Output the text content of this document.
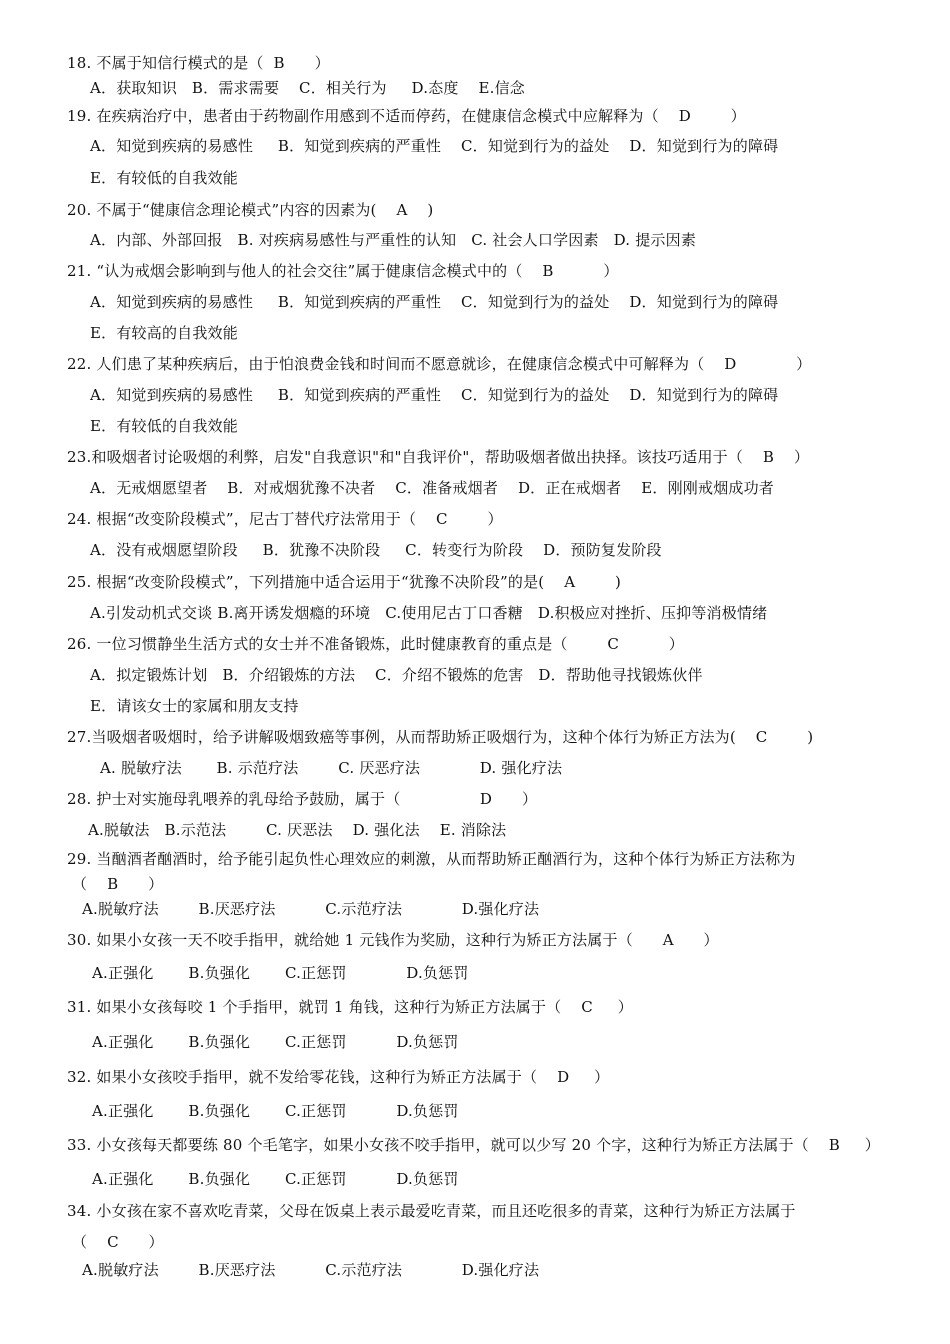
18. 不属于知信行模式的是（  B      ）
A．获取知识   B．需求需要    C．相关行为     D.态度    E.信念
19. 在疾病治疗中，患者由于药物副作用感到不适而停药，在健康信念模式中应解释为（    D        ）
A．知觉到疾病的易感性     B．知觉到疾病的严重性    C．知觉到行为的益处    D．知觉到行为的障碍
E．有较低的自我效能
20. 不属于“健康信念理论模式”内容的因素为(    A    )
A．内部、外部回报   B. 对疾病易感性与严重性的认知   C. 社会人口学因素   D. 提示因素
21. “认为戒烟会影响到与他人的社会交往”属于健康信念模式中的（    B          ）
A．知觉到疾病的易感性     B．知觉到疾病的严重性    C．知觉到行为的益处    D．知觉到行为的障碍
E．有较高的自我效能
22. 人们患了某种疾病后，由于怕浪费金钱和时间而不愿意就诊，在健康信念模式中可解释为（    D            ）
A．知觉到疾病的易感性     B．知觉到疾病的严重性    C．知觉到行为的益处    D．知觉到行为的障碍
E．有较低的自我效能
23.和吸烟者讨论吸烟的利弊，启发"自我意识"和"自我评价"，帮助吸烟者做出抉择。该技巧适用于（    B    ）
A．无戒烟愿望者    B．对戒烟犹豫不决者    C．准备戒烟者    D．正在戒烟者    E．刚刚戒烟成功者
24. 根据“改变阶段模式”，尼古丁替代疗法常用于（    C        ）
A．没有戒烟愿望阶段     B．犹豫不决阶段     C．转变行为阶段    D．预防复发阶段
25. 根据“改变阶段模式”，下列措施中适合运用于“犹豫不决阶段”的是(    A        )
A.引发动机式交谈 B.离开诱发烟瘾的环境   C.使用尼古丁口香糖   D.积极应对挫折、压抑等消极情绪
26. 一位习惯静坐生活方式的女士并不准备锻炼，此时健康教育的重点是（        C          ）
A．拟定锻炼计划   B．介绍锻炼的方法    C．介绍不锻炼的危害   D．帮助他寻找锻炼伙伴
E．请该女士的家属和朋友支持
27.当吸烟者吸烟时，给予讲解吸烟致癌等事例，从而帮助矫正吸烟行为，这种个体行为矫正方法为(    C        )
A. 脱敏疗法       B. 示范疗法        C. 厌恶疗法            D. 强化疗法
28. 护士对实施母乳喂养的乳母给予鼓励，属于（                D      ）
A.脱敏法   B.示范法        C. 厌恶法    D. 强化法    E. 消除法
29. 当酗酒者酗酒时，给予能引起负性心理效应的刺激，从而帮助矫正酗酒行为，这种个体行为矫正方法称为
（    B      ）
A.脱敏疗法        B.厌恶疗法          C.示范疗法            D.强化疗法
30. 如果小女孩一天不咬手指甲，就给她 1 元钱作为奖励，这种行为矫正方法属于（      A      ）
A.正强化       B.负强化       C.正惩罚            D.负惩罚
31. 如果小女孩每咬 1 个手指甲，就罚 1 角钱，这种行为矫正方法属于（    C     ）
A.正强化       B.负强化       C.正惩罚          D.负惩罚
32. 如果小女孩咬手指甲，就不发给零花钱，这种行为矫正方法属于（    D     ）
A.正强化       B.负强化       C.正惩罚          D.负惩罚
33. 小女孩每天都要练 80 个毛笔字，如果小女孩不咬手指甲，就可以少写 20 个字，这种行为矫正方法属于（    B     ）
A.正强化       B.负强化       C.正惩罚          D.负惩罚
34. 小女孩在家不喜欢吃青菜，父母在饭桌上表示最爱吃青菜，而且还吃很多的青菜，这种行为矫正方法属于
（    C      ）
A.脱敏疗法        B.厌恶疗法          C.示范疗法            D.强化疗法
